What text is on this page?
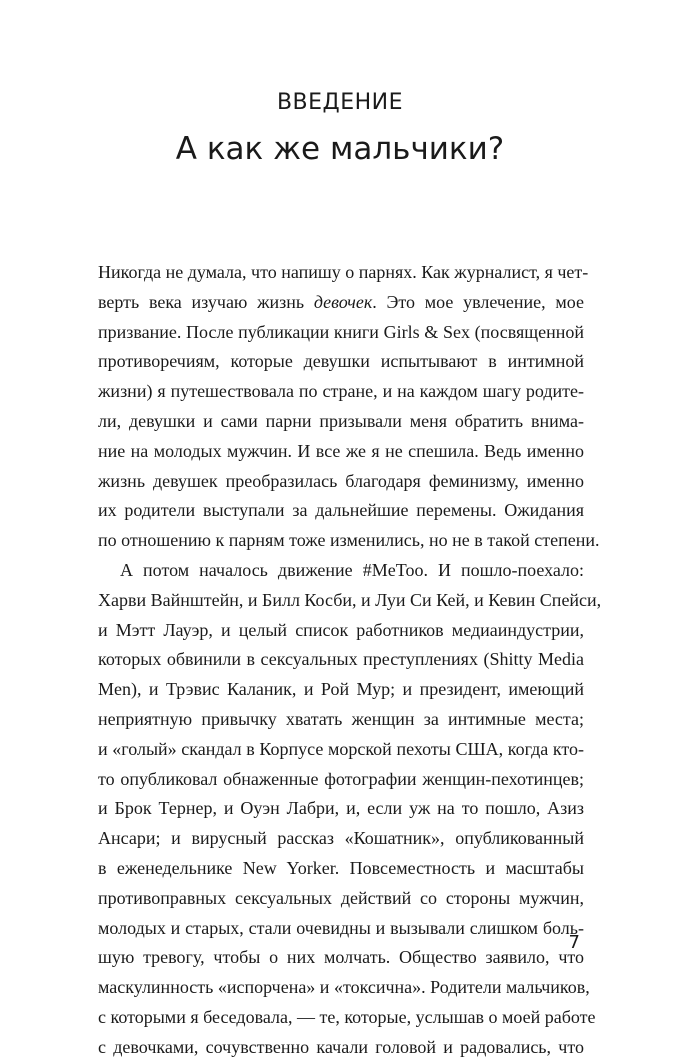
ВВЕДЕНИЕ
А как же мальчики?
Никогда не думала, что напишу о парнях. Как журналист, я чет-
верть века изучаю жизнь девочек. Это мое увлечение, мое
призвание. После публикации книги Girls & Sex (посвященной
противоречиям, которые девушки испытывают в интимной
жизни) я путешествовала по стране, и на каждом шагу родите-
ли, девушки и сами парни призывали меня обратить внима-
ние на молодых мужчин. И все же я не спешила. Ведь именно
жизнь девушек преобразилась благодаря феминизму, именно
их родители выступали за дальнейшие перемены. Ожидания
по отношению к парням тоже изменились, но не в такой степени.
А потом началось движение #MeToo. И пошло-поехало:
Харви Вайнштейн, и Билл Косби, и Луи Си Кей, и Кевин Спейси,
и Мэтт Лауэр, и целый список работников медиаиндустрии,
которых обвинили в сексуальных преступлениях (Shitty Media
Men), и Трэвис Каланик, и Рой Мур; и президент, имеющий
неприятную привычку хватать женщин за интимные места;
и «голый» скандал в Корпусе морской пехоты США, когда кто-
то опубликовал обнаженные фотографии женщин-пехотинцев;
и Брок Тернер, и Оуэн Лабри, и, если уж на то пошло, Азиз
Ансари; и вирусный рассказ «Кошатник», опубликованный
в еженедельнике New Yorker. Повсеместность и масштабы
противоправных сексуальных действий со стороны мужчин,
молодых и старых, стали очевидны и вызывали слишком боль-
шую тревогу, чтобы о них молчать. Общество заявило, что
маскулинность «испорчена» и «токсична». Родители мальчиков,
с которыми я беседовала, — те, которые, услышав о моей работе
с девочками, сочувственно качали головой и радовались, что
7
